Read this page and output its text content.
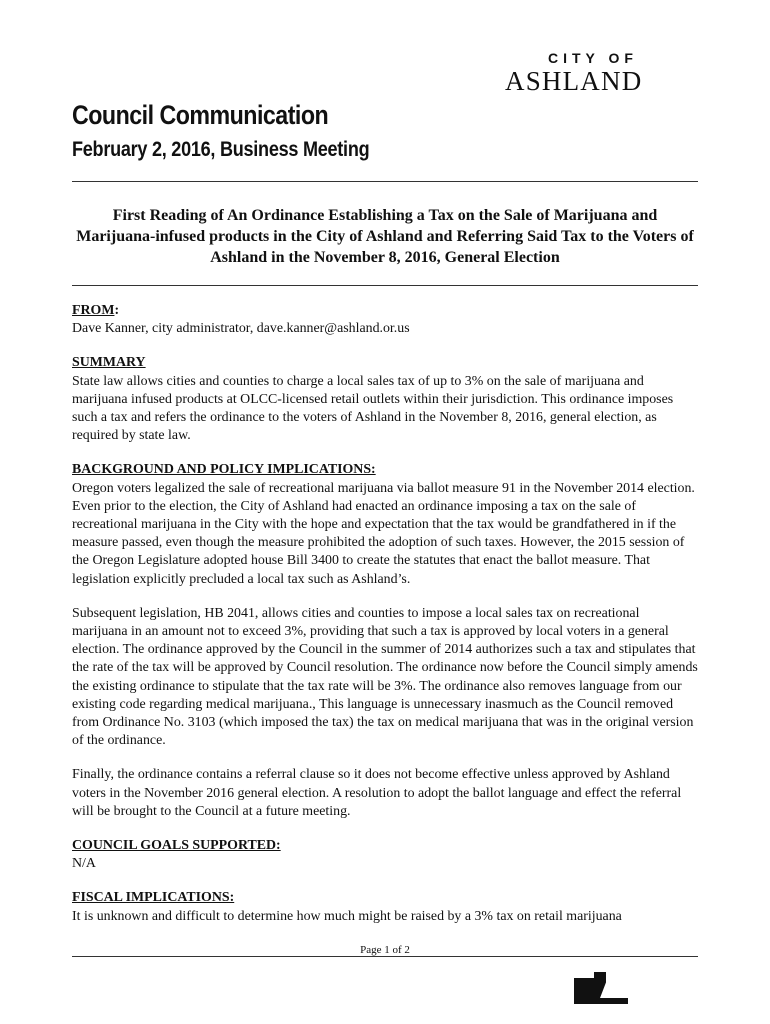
CITY OF
ASHLAND
Council Communication
February 2, 2016, Business Meeting

First Reading of An Ordinance Establishing a Tax on the Sale of Marijuana and Marijuana-infused products in the City of Ashland and Referring Said Tax to the Voters of Ashland in the November 8, 2016, General Election

FROM:

Dave Kanner, city administrator, dave.kanner@ashland.or.us

SUMMARY

State law allows cities and counties to charge a local sales tax of up to 3% on the sale of marijuana and marijuana infused products at OLCC-licensed retail outlets within their jurisdiction. This ordinance imposes such a tax and refers the ordinance to the voters of Ashland in the November 8, 2016, general election, as required by state law.

BACKGROUND AND POLICY IMPLICATIONS:

Oregon voters legalized the sale of recreational marijuana via ballot measure 91 in the November 2014 election. Even prior to the election, the City of Ashland had enacted an ordinance imposing a tax on the sale of recreational marijuana in the City with the hope and expectation that the tax would be grandfathered in if the measure passed, even though the measure prohibited the adoption of such taxes. However, the 2015 session of the Oregon Legislature adopted house Bill 3400 to create the statutes that enact the ballot measure. That legislation explicitly precluded a local tax such as Ashland’s.

Subsequent legislation, HB 2041, allows cities and counties to impose a local sales tax on recreational marijuana in an amount not to exceed 3%, providing that such a tax is approved by local voters in a general election. The ordinance approved by the Council in the summer of 2014 authorizes such a tax and stipulates that the rate of the tax will be approved by Council resolution. The ordinance now before the Council simply amends the existing ordinance to stipulate that the tax rate will be 3%. The ordinance also removes language from our existing code regarding medical marijuana., This language is unnecessary inasmuch as the Council removed from Ordinance No. 3103 (which imposed the tax) the tax on medical marijuana that was in the original version of the ordinance.

Finally, the ordinance contains a referral clause so it does not become effective unless approved by Ashland voters in the November 2016 general election. A resolution to adopt the ballot language and effect the referral will be brought to the Council at a future meeting.

COUNCIL GOALS SUPPORTED:

N/A

FISCAL IMPLICATIONS:

It is unknown and difficult to determine how much might be raised by a 3% tax on retail marijuana

Page 1 of 2
